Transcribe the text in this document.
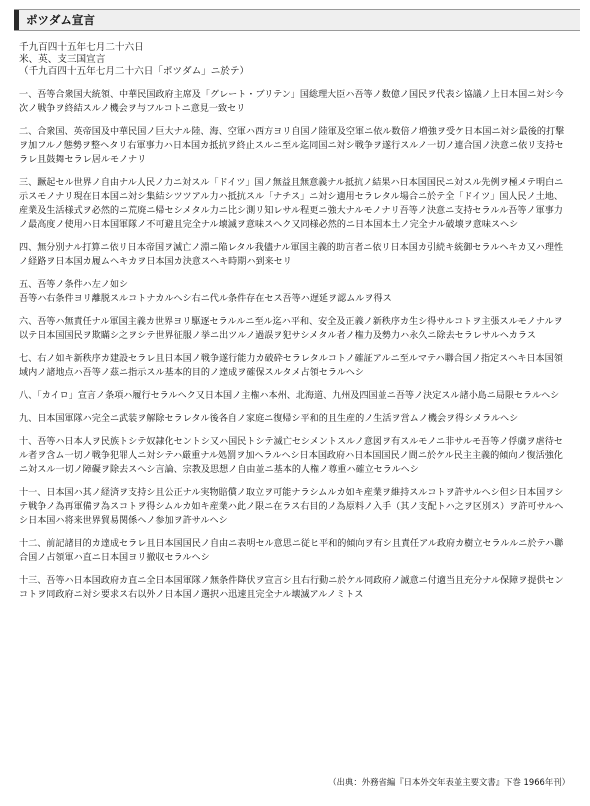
ポツダム宣言
千九百四十五年七月二十六日
米、英、支三国宣言
（千九百四十五年七月二十六日「ポツダム」ニ於テ）
一、吾等合衆国大統領、中華民国政府主席及「グレート・ブリテン」国総理大臣ハ吾等ノ数億ノ国民ヲ代表シ協議ノ上日本国ニ対シ今次ノ戦争ヲ終結スルノ機会ヲ与フルコトニ意見一致セリ
二、合衆国、英帝国及中華民国ノ巨大ナル陸、海、空軍ハ西方ヨリ自国ノ陸軍及空軍ニ依ル数倍ノ増強ヲ受ケ日本国ニ対シ最後的打撃ヲ加フルノ態勢ヲ整ヘタリ右軍事力ハ日本国カ抵抗ヲ終止スルニ至ル迄同国ニ対シ戦争ヲ遂行スルノ一切ノ連合国ノ決意ニ依リ支持セラレ且鼓舞セラレ居ルモノナリ
三、蹶起セル世界ノ自由ナル人民ノ力ニ対スル「ドイツ」国ノ無益且無意義ナル抵抗ノ結果ハ日本国国民ニ対スル先例ヲ極メテ明白ニ示スモノナリ現在日本国ニ対シ集結シツツアル力ハ抵抗スル「ナチス」ニ対シ適用セラレタル場合ニ於テ全「ドイツ」国人民ノ土地、産業及生活様式ヲ必然的ニ荒廃ニ帰セシメタル力ニ比シ測リ知レサル程更ニ強大ナルモノナリ吾等ノ決意ニ支持セラルル吾等ノ軍事力ノ最高度ノ使用ハ日本国軍隊ノ不可避且完全ナル壊滅ヲ意味スヘク又同様必然的ニ日本国本土ノ完全ナル破壊ヲ意味スヘシ
四、無分別ナル打算ニ依リ日本帝国ヲ滅亡ノ淵ニ陥レタル我儘ナル軍国主義的助言者ニ依リ日本国カ引続キ統御セラルヘキカ又ハ理性ノ経路ヲ日本国カ履ムヘキカヲ日本国カ決意スヘキ時期ハ到来セリ
五、吾等ノ条件ハ左ノ如シ
吾等ハ右条件ヨリ離脱スルコトナカルヘシ右ニ代ル条件存在セス吾等ハ遅延ヲ認ムルヲ得ス
六、吾等ハ無責任ナル軍国主義カ世界ヨリ駆逐セラルルニ至ル迄ハ平和、安全及正義ノ新秩序カ生シ得サルコトヲ主張スルモノナルヲ以テ日本国国民ヲ欺瞞シ之ヲシテ世界征服ノ挙ニ出ツルノ過誤ヲ犯サシメタル者ノ権力及勢力ハ永久ニ除去セラレサルヘカラス
七、右ノ如キ新秩序カ建設セラレ且日本国ノ戦争遂行能力カ破砕セラレタルコトノ確証アルニ至ルマテハ聯合国ノ指定スヘキ日本国領域内ノ諸地点ハ吾等ノ茲ニ指示スル基本的目的ノ達成ヲ確保スルタメ占領セラルヘシ
八、「カイロ」宣言ノ条項ハ履行セラルヘク又日本国ノ主権ハ本州、北海道、九州及四国並ニ吾等ノ決定スル諸小島ニ局限セラルヘシ
九、日本国軍隊ハ完全ニ武装ヲ解除セラレタル後各自ノ家庭ニ復帰シ平和的且生産的ノ生活ヲ営ムノ機会ヲ得シメラルヘシ
十、吾等ハ日本人ヲ民族トシテ奴隷化セントシ又ハ国民トシテ滅亡セシメントスルノ意図ヲ有スルモノニ非サルモ吾等ノ俘虜ヲ虐待セル者ヲ含ム一切ノ戦争犯罪人ニ対シテハ厳重ナル処罰ヲ加ヘラルヘシ日本国政府ハ日本国国民ノ間ニ於ケル民主主義的傾向ノ復活強化ニ対スル一切ノ障礙ヲ除去スヘシ言論、宗教及思想ノ自由並ニ基本的人権ノ尊重ハ確立セラルヘシ
十一、日本国ハ其ノ経済ヲ支持シ且公正ナル実物賠償ノ取立ヲ可能ナラシムルカ如キ産業ヲ維持スルコトヲ許サルヘシ但シ日本国ヲシテ戦争ノ為再軍備ヲ為スコトヲ得シムルカ如キ産業ハ此ノ限ニ在ラス右目的ノ為原料ノ入手（其ノ支配トハ之ヲ区別ス）ヲ許可サルヘシ日本国ハ将来世界貿易関係ヘノ参加ヲ許サルヘシ
十二、前記諸目的カ達成セラレ且日本国国民ノ自由ニ表明セル意思ニ従ヒ平和的傾向ヲ有シ且責任アル政府カ樹立セラルルニ於テハ聯合国ノ占領軍ハ直ニ日本国ヨリ撤収セラルヘシ
十三、吾等ハ日本国政府カ直ニ全日本国軍隊ノ無条件降伏ヲ宣言シ且右行動ニ於ケル同政府ノ誠意ニ付適当且充分ナル保障ヲ提供センコトヲ同政府ニ対シ要求ス右以外ノ日本国ノ選択ハ迅速且完全ナル壊滅アルノミトス
（出典：外務省編『日本外交年表並主要文書』下巻 1966年刊）
